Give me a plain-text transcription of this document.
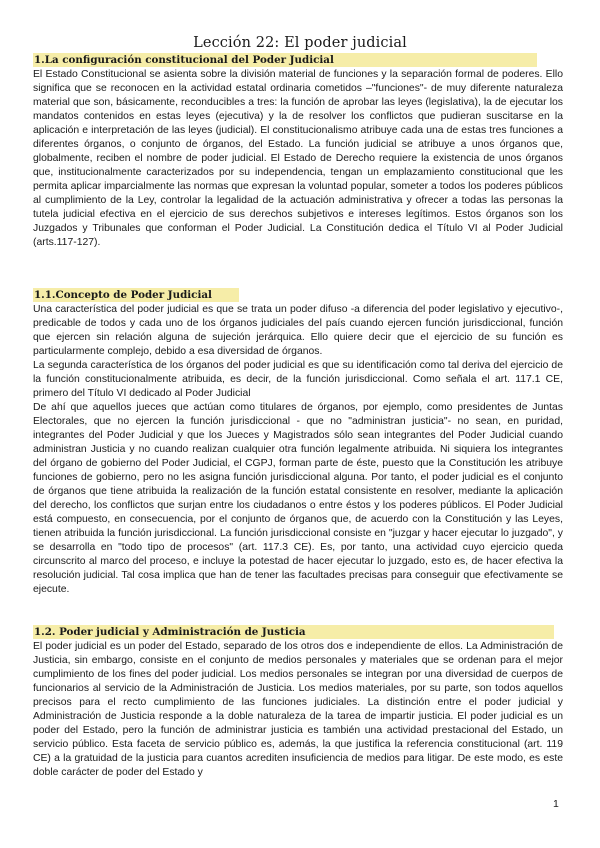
Lección 22: El poder judicial
1.La configuración constitucional del Poder Judicial

El Estado Constitucional se asienta sobre la división material de funciones y la separación formal de poderes. Ello significa que se reconocen en la actividad estatal ordinaria cometidos –"funciones"- de muy diferente naturaleza material que son, básicamente, reconducibles a tres: la función de aprobar las leyes (legislativa), la de ejecutar los mandatos contenidos en estas leyes (ejecutiva) y la de resolver los conflictos que pudieran suscitarse en la aplicación e interpretación de las leyes (judicial). El constitucionalismo atribuye cada una de estas tres funciones a diferentes órganos, o conjunto de órganos, del Estado. La función judicial se atribuye a unos órganos que, globalmente, reciben el nombre de poder judicial. El Estado de Derecho requiere la existencia de unos órganos que, institucionalmente caracterizados por su independencia, tengan un emplazamiento constitucional que les permita aplicar imparcialmente las normas que expresan la voluntad popular, someter a todos los poderes públicos al cumplimiento de la Ley, controlar la legalidad de la actuación administrativa y ofrecer a todas las personas la tutela judicial efectiva en el ejercicio de sus derechos subjetivos e intereses legítimos. Estos órganos son los Juzgados y Tribunales que conforman el Poder Judicial. La Constitución dedica el Título VI al Poder Judicial (arts.117-127).

1.1.Concepto de Poder Judicial

Una característica del poder judicial es que se trata un poder difuso -a diferencia del poder legislativo y ejecutivo-, predicable de todos y cada uno de los órganos judiciales del país cuando ejercen función jurisdiccional, función que ejercen sin relación alguna de sujeción jerárquica. Ello quiere decir que el ejercicio de su función es particularmente complejo, debido a esa diversidad de órganos.

La segunda característica de los órganos del poder judicial es que su identificación como tal deriva del ejercicio de la función constitucionalmente atribuida, es decir, de la función jurisdiccional. Como señala el art. 117.1 CE, primero del Título VI dedicado al Poder Judicial

De ahí que aquellos jueces que actúan como titulares de órganos, por ejemplo, como presidentes de Juntas Electorales, que no ejercen la función jurisdiccional - que no "administran justicia"- no sean, en puridad, integrantes del Poder Judicial y que los Jueces y Magistrados sólo sean integrantes del Poder Judicial cuando administran Justicia y no cuando realizan cualquier otra función legalmente atribuida. Ni siquiera los integrantes del órgano de gobierno del Poder Judicial, el CGPJ, forman parte de éste, puesto que la Constitución les atribuye funciones de gobierno, pero no les asigna función jurisdiccional alguna. Por tanto, el poder judicial es el conjunto de órganos que tiene atribuida la realización de la función estatal consistente en resolver, mediante la aplicación del derecho, los conflictos que surjan entre los ciudadanos o entre éstos y los poderes públicos. El Poder Judicial está compuesto, en consecuencia, por el conjunto de órganos que, de acuerdo con la Constitución y las Leyes, tienen atribuida la función jurisdiccional. La función jurisdiccional consiste en "juzgar y hacer ejecutar lo juzgado", y se desarrolla en "todo tipo de procesos" (art. 117.3 CE). Es, por tanto, una actividad cuyo ejercicio queda circunscrito al marco del proceso, e incluye la potestad de hacer ejecutar lo juzgado, esto es, de hacer efectiva la resolución judicial. Tal cosa implica que han de tener las facultades precisas para conseguir que efectivamente se ejecute.

1.2. Poder judicial y Administración de Justicia

El poder judicial es un poder del Estado, separado de los otros dos e independiente de ellos. La Administración de Justicia, sin embargo, consiste en el conjunto de medios personales y materiales que se ordenan para el mejor cumplimiento de los fines del poder judicial. Los medios personales se integran por una diversidad de cuerpos de funcionarios al servicio de la Administración de Justicia. Los medios materiales, por su parte, son todos aquellos precisos para el recto cumplimiento de las funciones judiciales. La distinción entre el poder judicial y Administración de Justicia responde a la doble naturaleza de la tarea de impartir justicia. El poder judicial es un poder del Estado, pero la función de administrar justicia es también una actividad prestacional del Estado, un servicio público. Esta faceta de servicio público es, además, la que justifica la referencia constitucional (art. 119 CE) a la gratuidad de la justicia para cuantos acrediten insuficiencia de medios para litigar. De este modo, es este doble carácter de poder del Estado y

1
